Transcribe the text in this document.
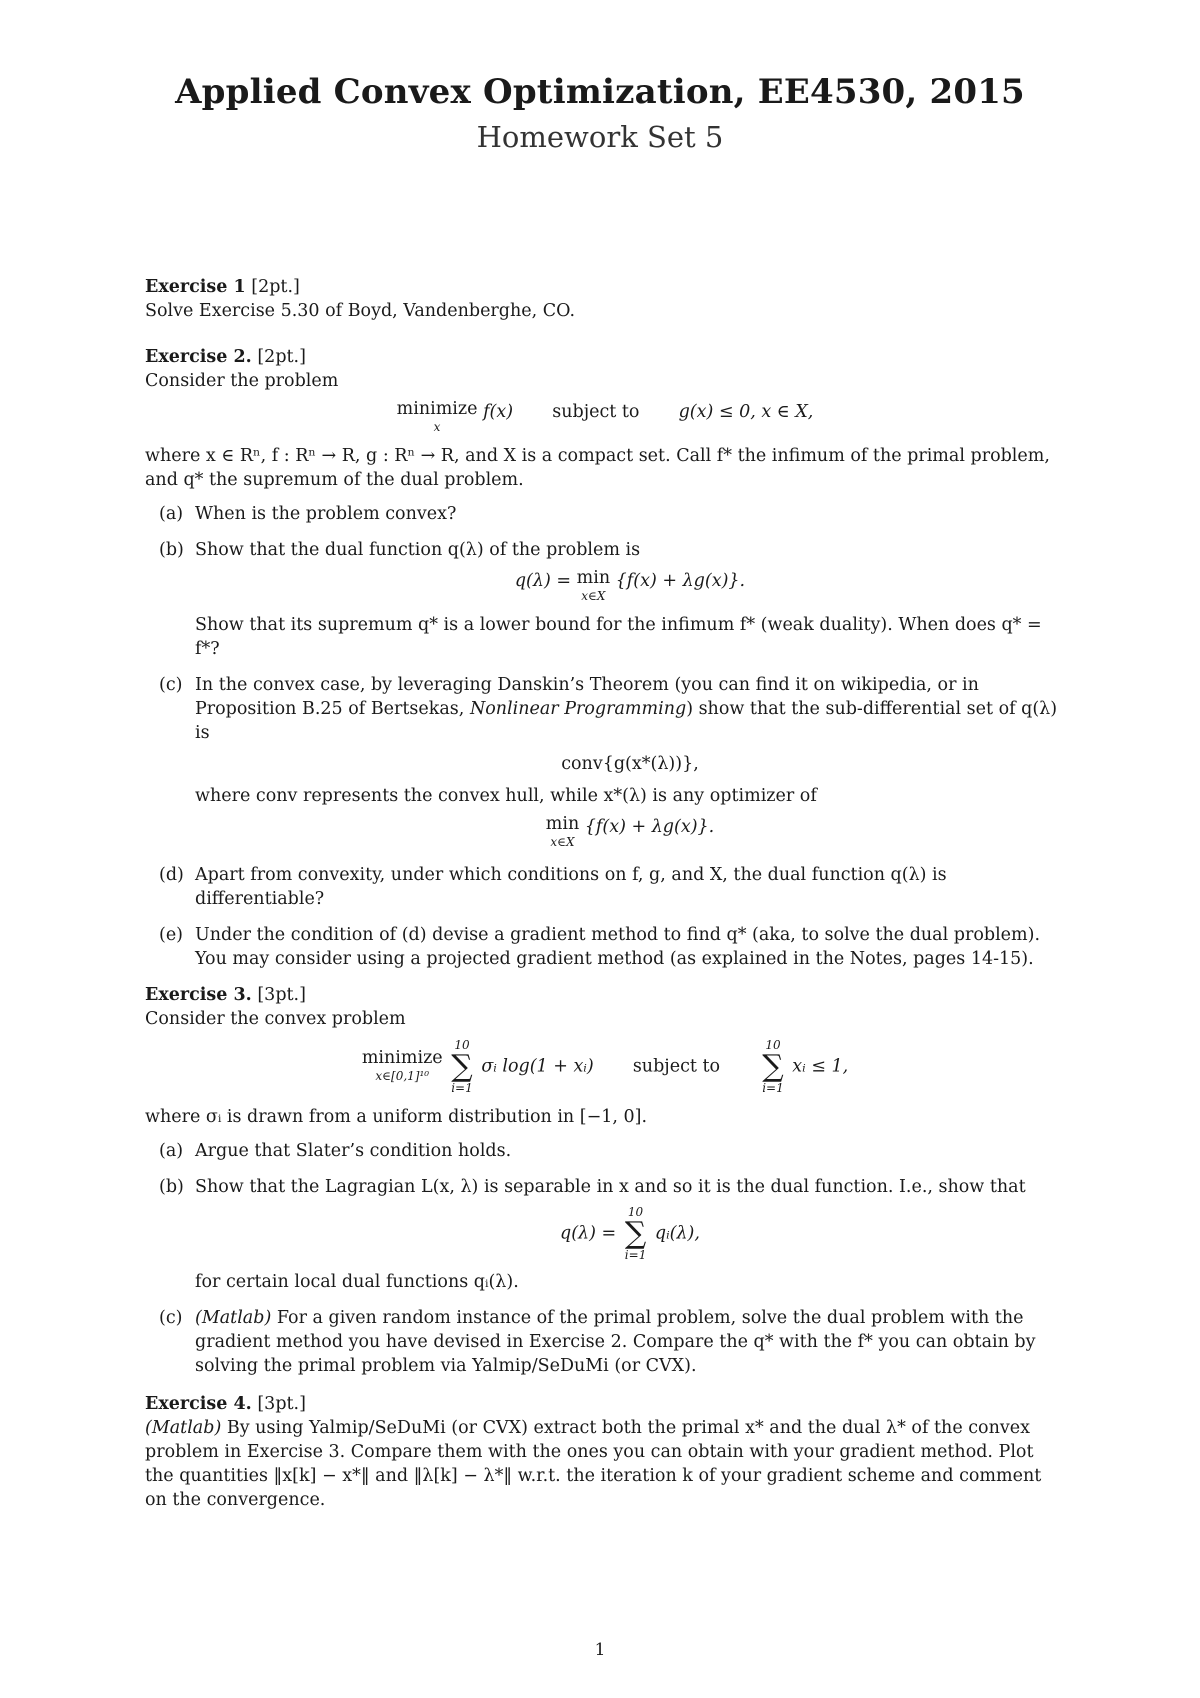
Applied Convex Optimization, EE4530, 2015
Homework Set 5
Exercise 1 [2pt.]

Solve Exercise 5.30 of Boyd, Vandenberghe, CO.

Exercise 2. [2pt.]

Consider the problem

minimize
x
f(x) subject to g(x) ≤ 0, x ∈ X,

where x ∈ Rⁿ, f : Rⁿ → R, g : Rⁿ → R, and X is a compact set. Call f* the infimum of the primal problem, and q* the supremum of the dual problem.

(a) When is the problem convex?
(b) Show that the dual function q(λ) of the problem is

q(λ) = min
x∈X
{f(x) + λg(x)}.

Show that its supremum q* is a lower bound for the infimum f* (weak duality). When does q* = f*?

(c) In the convex case, by leveraging Danskin’s Theorem (you can find it on wikipedia, or in Proposition B.25 of Bertsekas, Nonlinear Programming) show that the sub-differential set of q(λ) is

conv{g(x*(λ))},

where conv represents the convex hull, while x*(λ) is any optimizer of

min
x∈X
{f(x) + λg(x)}.
(d) Apart from convexity, under which conditions on f, g, and X, the dual function q(λ) is differentiable?
(e) Under the condition of (d) devise a gradient method to find q* (aka, to solve the dual problem). You may consider using a projected gradient method (as explained in the Notes, pages 14-15).
Exercise 3. [3pt.]

Consider the convex problem

minimize
x∈[0,1]¹⁰

10
∑
i=1
σᵢ log(1 + xᵢ) subject to
10
∑
i=1
xᵢ ≤ 1,

where σᵢ is drawn from a uniform distribution in [−1, 0].

(a) Argue that Slater’s condition holds.
(b) Show that the Lagragian L(x, λ) is separable in x and so it is the dual function. I.e., show that

q(λ) =
10
∑
i=1
qᵢ(λ),

for certain local dual functions qᵢ(λ).

(c) (Matlab) For a given random instance of the primal problem, solve the dual problem with the gradient method you have devised in Exercise 2. Compare the q* with the f* you can obtain by solving the primal problem via Yalmip/SeDuMi (or CVX).
Exercise 4. [3pt.]

(Matlab) By using Yalmip/SeDuMi (or CVX) extract both the primal x* and the dual λ* of the convex problem in Exercise 3. Compare them with the ones you can obtain with your gradient method. Plot the quantities ‖x[k] − x*‖ and ‖λ[k] − λ*‖ w.r.t. the iteration k of your gradient scheme and comment on the convergence.

1
